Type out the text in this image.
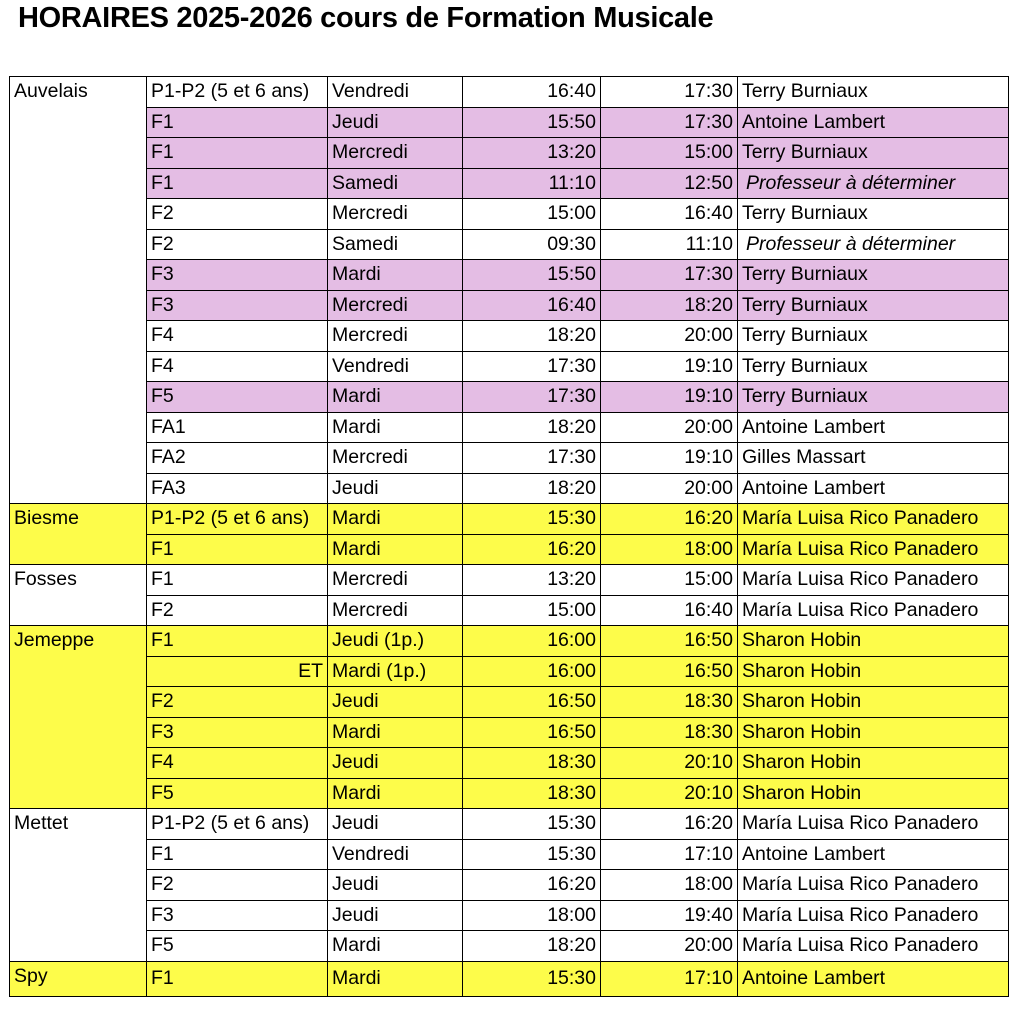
HORAIRES 2025-2026 cours de Formation Musicale
Auvelais	P1-P2 (5 et 6 ans)	Vendredi	16:40	17:30	Terry Burniaux
	F1	Jeudi	15:50	17:30	Antoine Lambert
	F1	Mercredi	13:20	15:00	Terry Burniaux
	F1	Samedi	11:10	12:50	Professeur à déterminer
	F2	Mercredi	15:00	16:40	Terry Burniaux
	F2	Samedi	09:30	11:10	Professeur à déterminer
	F3	Mardi	15:50	17:30	Terry Burniaux
	F3	Mercredi	16:40	18:20	Terry Burniaux
	F4	Mercredi	18:20	20:00	Terry Burniaux
	F4	Vendredi	17:30	19:10	Terry Burniaux
	F5	Mardi	17:30	19:10	Terry Burniaux
	FA1	Mardi	18:20	20:00	Antoine Lambert
	FA2	Mercredi	17:30	19:10	Gilles Massart
	FA3	Jeudi	18:20	20:00	Antoine Lambert
Biesme	P1-P2 (5 et 6 ans)	Mardi	15:30	16:20	María Luisa Rico Panadero
	F1	Mardi	16:20	18:00	María Luisa Rico Panadero
Fosses	F1	Mercredi	13:20	15:00	María Luisa Rico Panadero
	F2	Mercredi	15:00	16:40	María Luisa Rico Panadero
Jemeppe	F1	Jeudi (1p.)	16:00	16:50	Sharon Hobin
	ET	Mardi (1p.)	16:00	16:50	Sharon Hobin
	F2	Jeudi	16:50	18:30	Sharon Hobin
	F3	Mardi	16:50	18:30	Sharon Hobin
	F4	Jeudi	18:30	20:10	Sharon Hobin
	F5	Mardi	18:30	20:10	Sharon Hobin
Mettet	P1-P2 (5 et 6 ans)	Jeudi	15:30	16:20	María Luisa Rico Panadero
	F1	Vendredi	15:30	17:10	Antoine Lambert
	F2	Jeudi	16:20	18:00	María Luisa Rico Panadero
	F3	Jeudi	18:00	19:40	María Luisa Rico Panadero
	F5	Mardi	18:20	20:00	María Luisa Rico Panadero
Spy	F1	Mardi	15:30	17:10	Antoine Lambert
